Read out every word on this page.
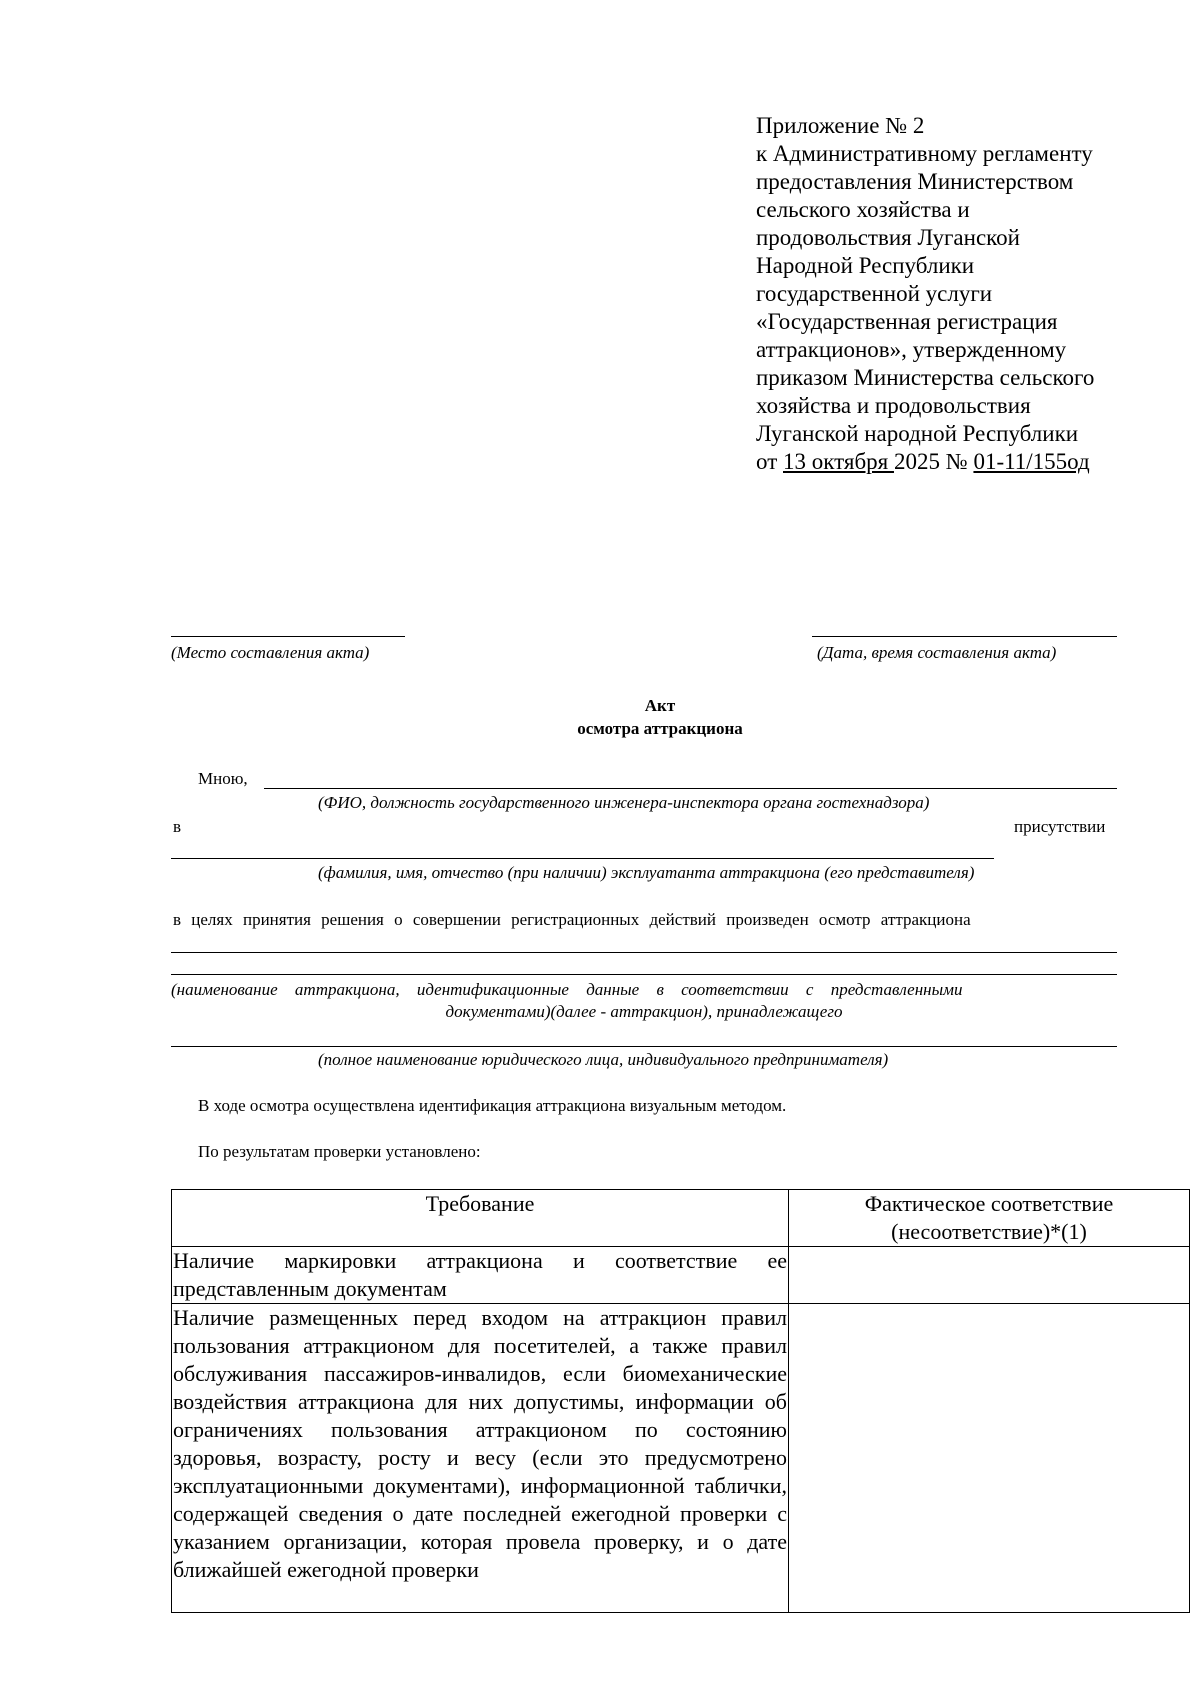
Приложение № 2
к Административному регламенту
предоставления Министерством
сельского хозяйства и
продовольствия Луганской
Народной Республики
государственной услуги
«Государственная регистрация
аттракционов», утвержденному
приказом Министерства сельского
хозяйства и продовольствия
Луганской народной Республики
от 13 октября 2025 № 01-11/155од
(Место составления акта)	(Дата, время составления акта)
Акт
осмотра аттракциона
Мною,
(ФИО, должность государственного инженера-инспектора органа гостехнадзора)
в	присутствии
(фамилия, имя, отчество (при наличии) эксплуатанта аттракциона (его представителя)
в целях принятия решения о совершении регистрационных действий произведен осмотр аттракциона
(наименование аттракциона, идентификационные данные в соответствии с представленными
документами)(далее - аттракцион), принадлежащего
(полное наименование юридического лица, индивидуального предпринимателя)
В ходе осмотра осуществлена идентификация аттракциона визуальным методом.
По результатам проверки установлено:
Требование	Фактическое соответствие (несоответствие)*(1)
Наличие маркировки аттракциона и соответствие ее представленным документам	
Наличие размещенных перед входом на аттракцион правил пользования аттракционом для посетителей, а также правил обслуживания пассажиров-инвалидов, если биомеханические воздействия аттракциона для них допустимы, информации об ограничениях пользования аттракционом по состоянию здоровья, возрасту, росту и весу (если это предусмотрено эксплуатационными документами), информационной таблички, содержащей сведения о дате последней ежегодной проверки с указанием организации, которая провела проверку, и о дате ближайшей ежегодной проверки	
